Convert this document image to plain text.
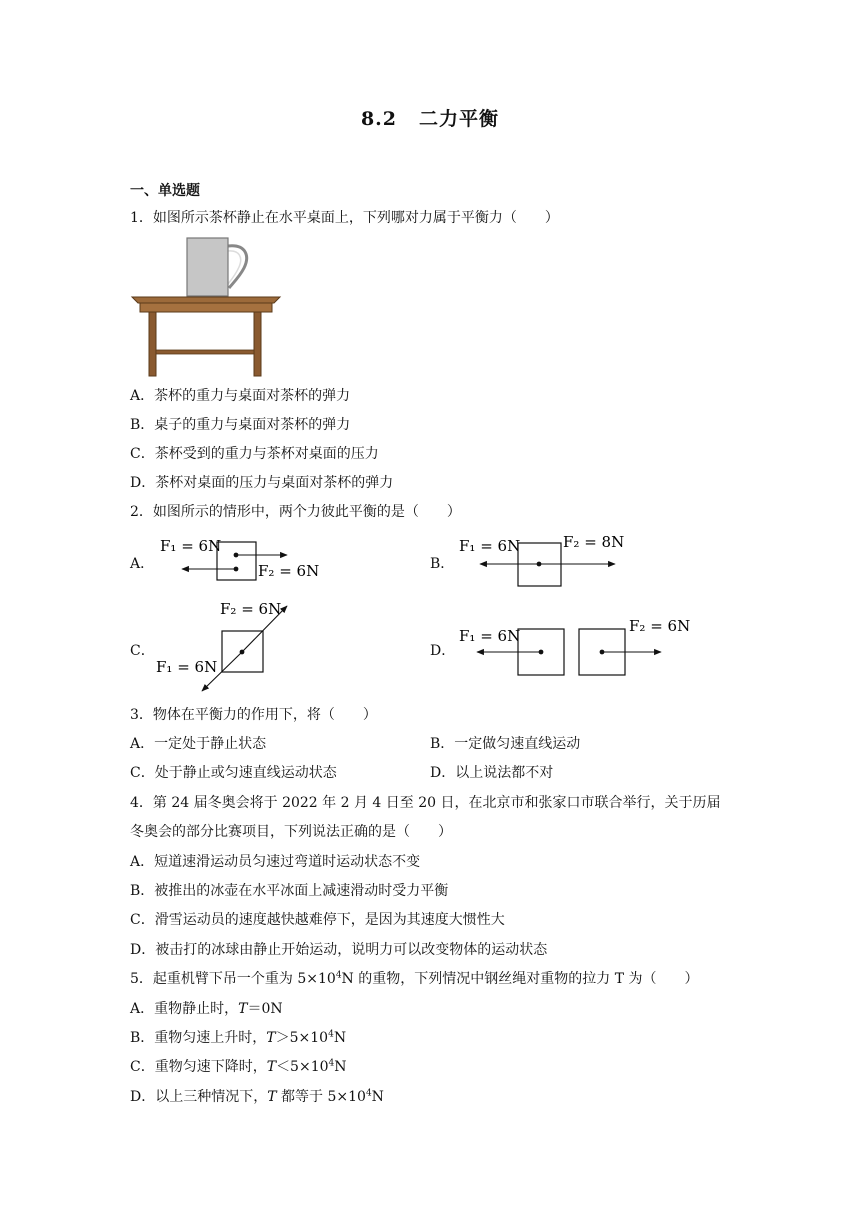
8.2 二力平衡
一、单选题
1．如图所示茶杯静止在水平桌面上，下列哪对力属于平衡力（　　）
A．茶杯的重力与桌面对茶杯的弹力
B．桌子的重力与桌面对茶杯的弹力
C．茶杯受到的重力与茶杯对桌面的压力
D．茶杯对桌面的压力与桌面对茶杯的弹力
2．如图所示的情形中，两个力彼此平衡的是（　　）
A．
F₁ = 6N
F₂ = 6N	B．
F₁ = 6N	F₂ = 8N
C．
F₂ = 6N
F₁ = 6N
D．
F₁ = 6N
F₂ = 6N
3．物体在平衡力的作用下，将（　　）
A．一定处于静止状态	B．一定做匀速直线运动
C．处于静止或匀速直线运动状态	D．以上说法都不对
4．第 24 届冬奥会将于 2022 年 2 月 4 日至 20 日，在北京市和张家口市联合举行，关于历届
冬奥会的部分比赛项目，下列说法正确的是（　　）
A．短道速滑运动员匀速过弯道时运动状态不变
B．被推出的冰壶在水平冰面上减速滑动时受力平衡
C．滑雪运动员的速度越快越难停下，是因为其速度大惯性大
D．被击打的冰球由静止开始运动，说明力可以改变物体的运动状态
5．起重机臂下吊一个重为 $5\times 10^4N$ 的重物，下列情况中钢丝绳对重物的拉力 T 为（　　）
A．重物静止时，T＝0N
B．重物匀速上升时，$T>5\times 10^4N$
C．重物匀速下降时，$T<5\times 10^4N$
D．以上三种情况下，T 都等于 $5\times 10^4N$
